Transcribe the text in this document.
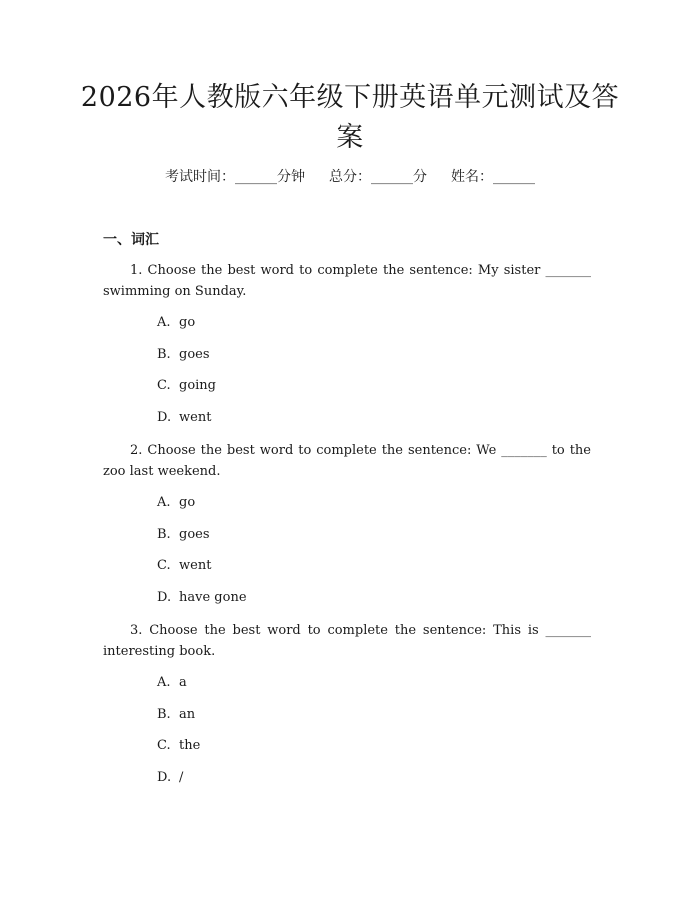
2026年人教版六年级下册英语单元测试及答
案
考试时间：______分钟 总分：______分 姓名：______
一、词汇
1. Choose the best word to complete the sentence: My sister _______ swimming on Sunday.
A. go
B. goes
C. going
D. went
2. Choose the best word to complete the sentence: We _______ to the zoo last weekend.
A. go
B. goes
C. went
D. have gone
3. Choose the best word to complete the sentence: This is _______ interesting book.
A. a
B. an
C. the
D. /
